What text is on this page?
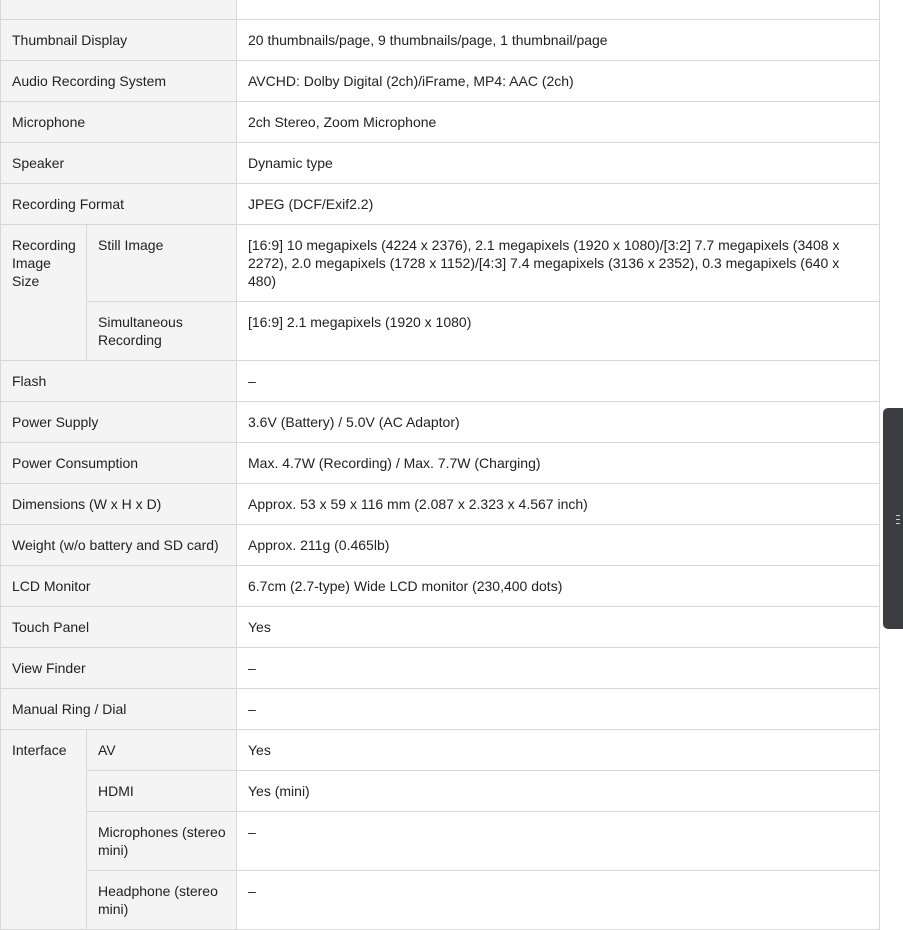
Thumbnail Display		20 thumbnails/page, 9 thumbnails/page, 1 thumbnail/page
Audio Recording System		AVCHD: Dolby Digital (2ch)/iFrame, MP4: AAC (2ch)
Microphone		2ch Stereo, Zoom Microphone
Speaker		Dynamic type
Recording Format		JPEG (DCF/Exif2.2)
Recording Image Size	Still Image	[16:9] 10 megapixels (4224 x 2376), 2.1 megapixels (1920 x 1080)/[3:2] 7.7 megapixels (3408 x 2272), 2.0 megapixels (1728 x 1152)/[4:3] 7.4 megapixels (3136 x 2352), 0.3 megapixels (640 x 480)
	Simultaneous Recording	[16:9] 2.1 megapixels (1920 x 1080)
Flash		–
Power Supply		3.6V (Battery) / 5.0V (AC Adaptor)
Power Consumption		Max. 4.7W (Recording) / Max. 7.7W (Charging)
Dimensions (W x H x D)		Approx. 53 x 59 x 116 mm (2.087 x 2.323 x 4.567 inch)
Weight (w/o battery and SD card)		Approx. 211g (0.465lb)
LCD Monitor		6.7cm (2.7-type) Wide LCD monitor (230,400 dots)
Touch Panel		Yes
View Finder		–
Manual Ring / Dial		–
Interface	AV	Yes
	HDMI	Yes (mini)
	Microphones (stereo mini)	–
	Headphone (stereo mini)	–
